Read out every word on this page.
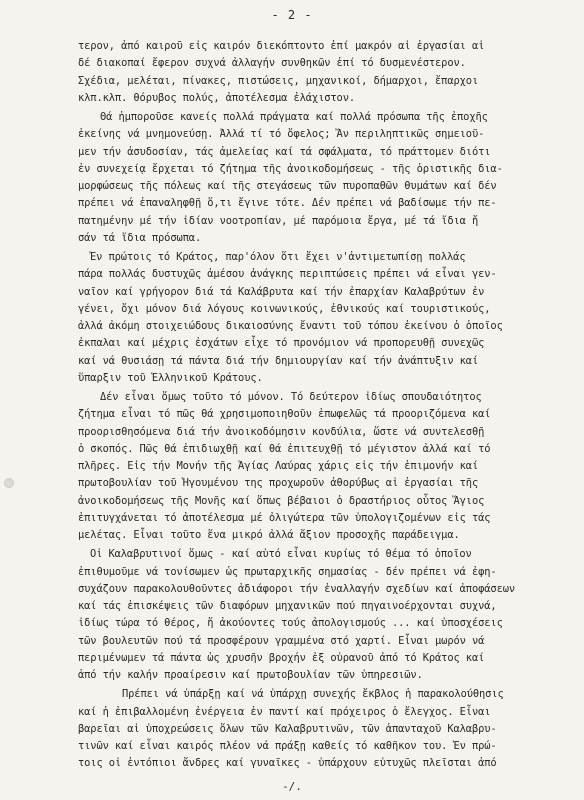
- 2 -
τερον, ἀπό καιροῦ εἰς καιρόν διεκόπτοντο ἐπί μακρόν αἱ ἐργασίαι αἱ
δέ διακοπαί ἔφερον συχνά ἀλλαγήν συνθηκῶν ἐπί τό δυσμενέστερον.
Σχέδια, μελέται, πίνακες, πιστώσεις, μηχανικοί, δήμαρχοι, ἔπαρχοι
κλπ.κλπ. θόρυβος πολύς, ἀποτέλεσμα ἐλάχιστον.
Θά ἠμποροῦσε κανείς πολλά πράγματα καί πολλά πρόσωπα τῆς ἐποχῆς
ἐκείνης νά μνημονεύσῃ. Ἀλλά τί τό ὄφελος; Ἄν περιληπτικῶς σημειοῦ-
μεν τήν ἀσυδοσίαν, τάς ἀμελείας καί τά σφάλματα, τό πράττομεν διότι
ἐν συνεχείᾳ ἔρχεται τό ζήτημα τῆς ἀνοικοδομήσεως - τῆς ὁριστικῆς δια-
μορφώσεως τῆς πόλεως καί τῆς στεγάσεως τῶν πυροπαθῶν θυμάτων καί δέν
πρέπει νά ἐπαναληφθῇ ὅ,τι ἔγινε τότε. Δέν πρέπει νά βαδίσωμε τήν πε-
πατημένην μέ τήν ἰδίαν νοοτροπίαν, μέ παρόμοια ἔργα, μέ τά ἴδια ἤ
σάν τά ἴδια πρόσωπα.
Ἐν πρώτοις τό Κράτος, παρ'όλον ὅτι ἔχει ν'ἀντιμετωπίσῃ πολλάς
πάρα πολλάς δυστυχῶς ἀμέσου ἀνάγκης περιπτώσεις πρέπει νά εἶναι γεν-
ναῖον καί γρήγορον διά τά Καλάβρυτα καί τήν ἐπαρχίαν Καλαβρύτων ἐν
γένει, ὄχι μόνον διά λόγους κοινωνικούς, ἐθνικούς καί τουριστικούς,
ἀλλά ἀκόμη στοιχειώδους δικαιοσύνης ἔναντι τοῦ τόπου ἐκείνου ὁ ὁποῖος
ἐκπαλαι καί μέχρις ἐσχάτων εἶχε τό προνόμιον νά προπορευθῇ συνεχῶς
καί νά θυσιάσῃ τά πάντα διά τήν δημιουργίαν καί τήν ἀνάπτυξιν καί
ὕπαρξιν τοῦ Ἑλληνικοῦ Κράτους.
Δέν εἶναι ὅμως τοῦτο τό μόνον. Τό δεύτερον ἰδίως σπουδαιότητος
ζήτημα εἶναι τό πῶς θά χρησιμοποιηθοῦν ἐπωφελῶς τά προοριζόμενα καί
προορισθησόμενα διά τήν ἀνοικοδόμησιν κονδύλια, ὥστε νά συντελεσθῇ
ὁ σκοπός. Πῶς θά ἐπιδιωχθῇ καί θά ἐπιτευχθῇ τό μέγιστον ἀλλά καί τό
πλῆρες. Εἰς τήν Μονήν τῆς Ἁγίας Λαύρας χάρις εἰς τήν ἐπιμονήν καί
πρωτοβουλίαν τοῦ Ἡγουμένου της προχωροῦν ἀθορύβως αἱ ἐργασίαι τῆς
ἀνοικοδομήσεως τῆς Μονῆς καί ὅπως βέβαιοι ὁ δραστήριος οὗτος Ἅγιος
ἐπιτυγχάνεται τό ἀποτέλεσμα μέ ὀλιγώτερα τῶν ὑπολογιζομένων εἰς τάς
μελέτας. Εἶναι τοῦτο ἕνα μικρό ἀλλά ἄξιον προσοχῆς παράδειγμα.
Οἱ Καλαβρυτινοί ὅμως - καί αὐτό εἶναι κυρίως τό θέμα τό ὁποῖον
ἐπιθυμοῦμε νά τονίσωμεν ὡς πρωταρχικῆς σημασίας - δέν πρέπει νά ἐφη-
συχάζουν παρακολουθοῦντες ἀδιάφοροι τήν ἐναλλαγήν σχεδίων καί ἀποφάσεων
καί τάς ἐπισκέψεις τῶν διαφόρων μηχανικῶν πού πηγαινοέρχονται συχνά,
ἰδίως τώρα τό θέρος, ἤ ἀκούοντες τούς ἀπολογισμούς ... καί ὑποσχέσεις
τῶν βουλευτῶν πού τά προσφέρουν γραμμένα στό χαρτί. Εἶναι μωρόν νά
περιμένωμεν τά πάντα ὡς χρυσῆν βροχήν ἐξ οὐρανοῦ ἀπό τό Κράτος καί
ἀπό τήν καλήν προαίρεσιν καί πρωτοβουλίαν τῶν ὑπηρεσιῶν.
Πρέπει νά ὑπάρξῃ καί νά ὑπάρχῃ συνεχής ἔκβλος ἡ παρακολούθησις
καί ἡ ἐπιβαλλομένη ἐνέργεια ἐν παντί καί πρόχειρος ὁ ἔλεγχος. Εἶναι
βαρεῖαι αἱ ὑποχρεώσεις ὅλων τῶν Καλαβρυτινῶν, τῶν ἁπανταχοῦ Καλαβρυ-
τινῶν καί εἶναι καιρός πλέον νά πράξῃ καθείς τό καθῆκον του. Ἐν πρώ-
τοις οἱ ἐντόπιοι ἄνδρες καί γυναῖκες - ὑπάρχουν εὐτυχῶς πλεῖσται ἀπό
-/.
